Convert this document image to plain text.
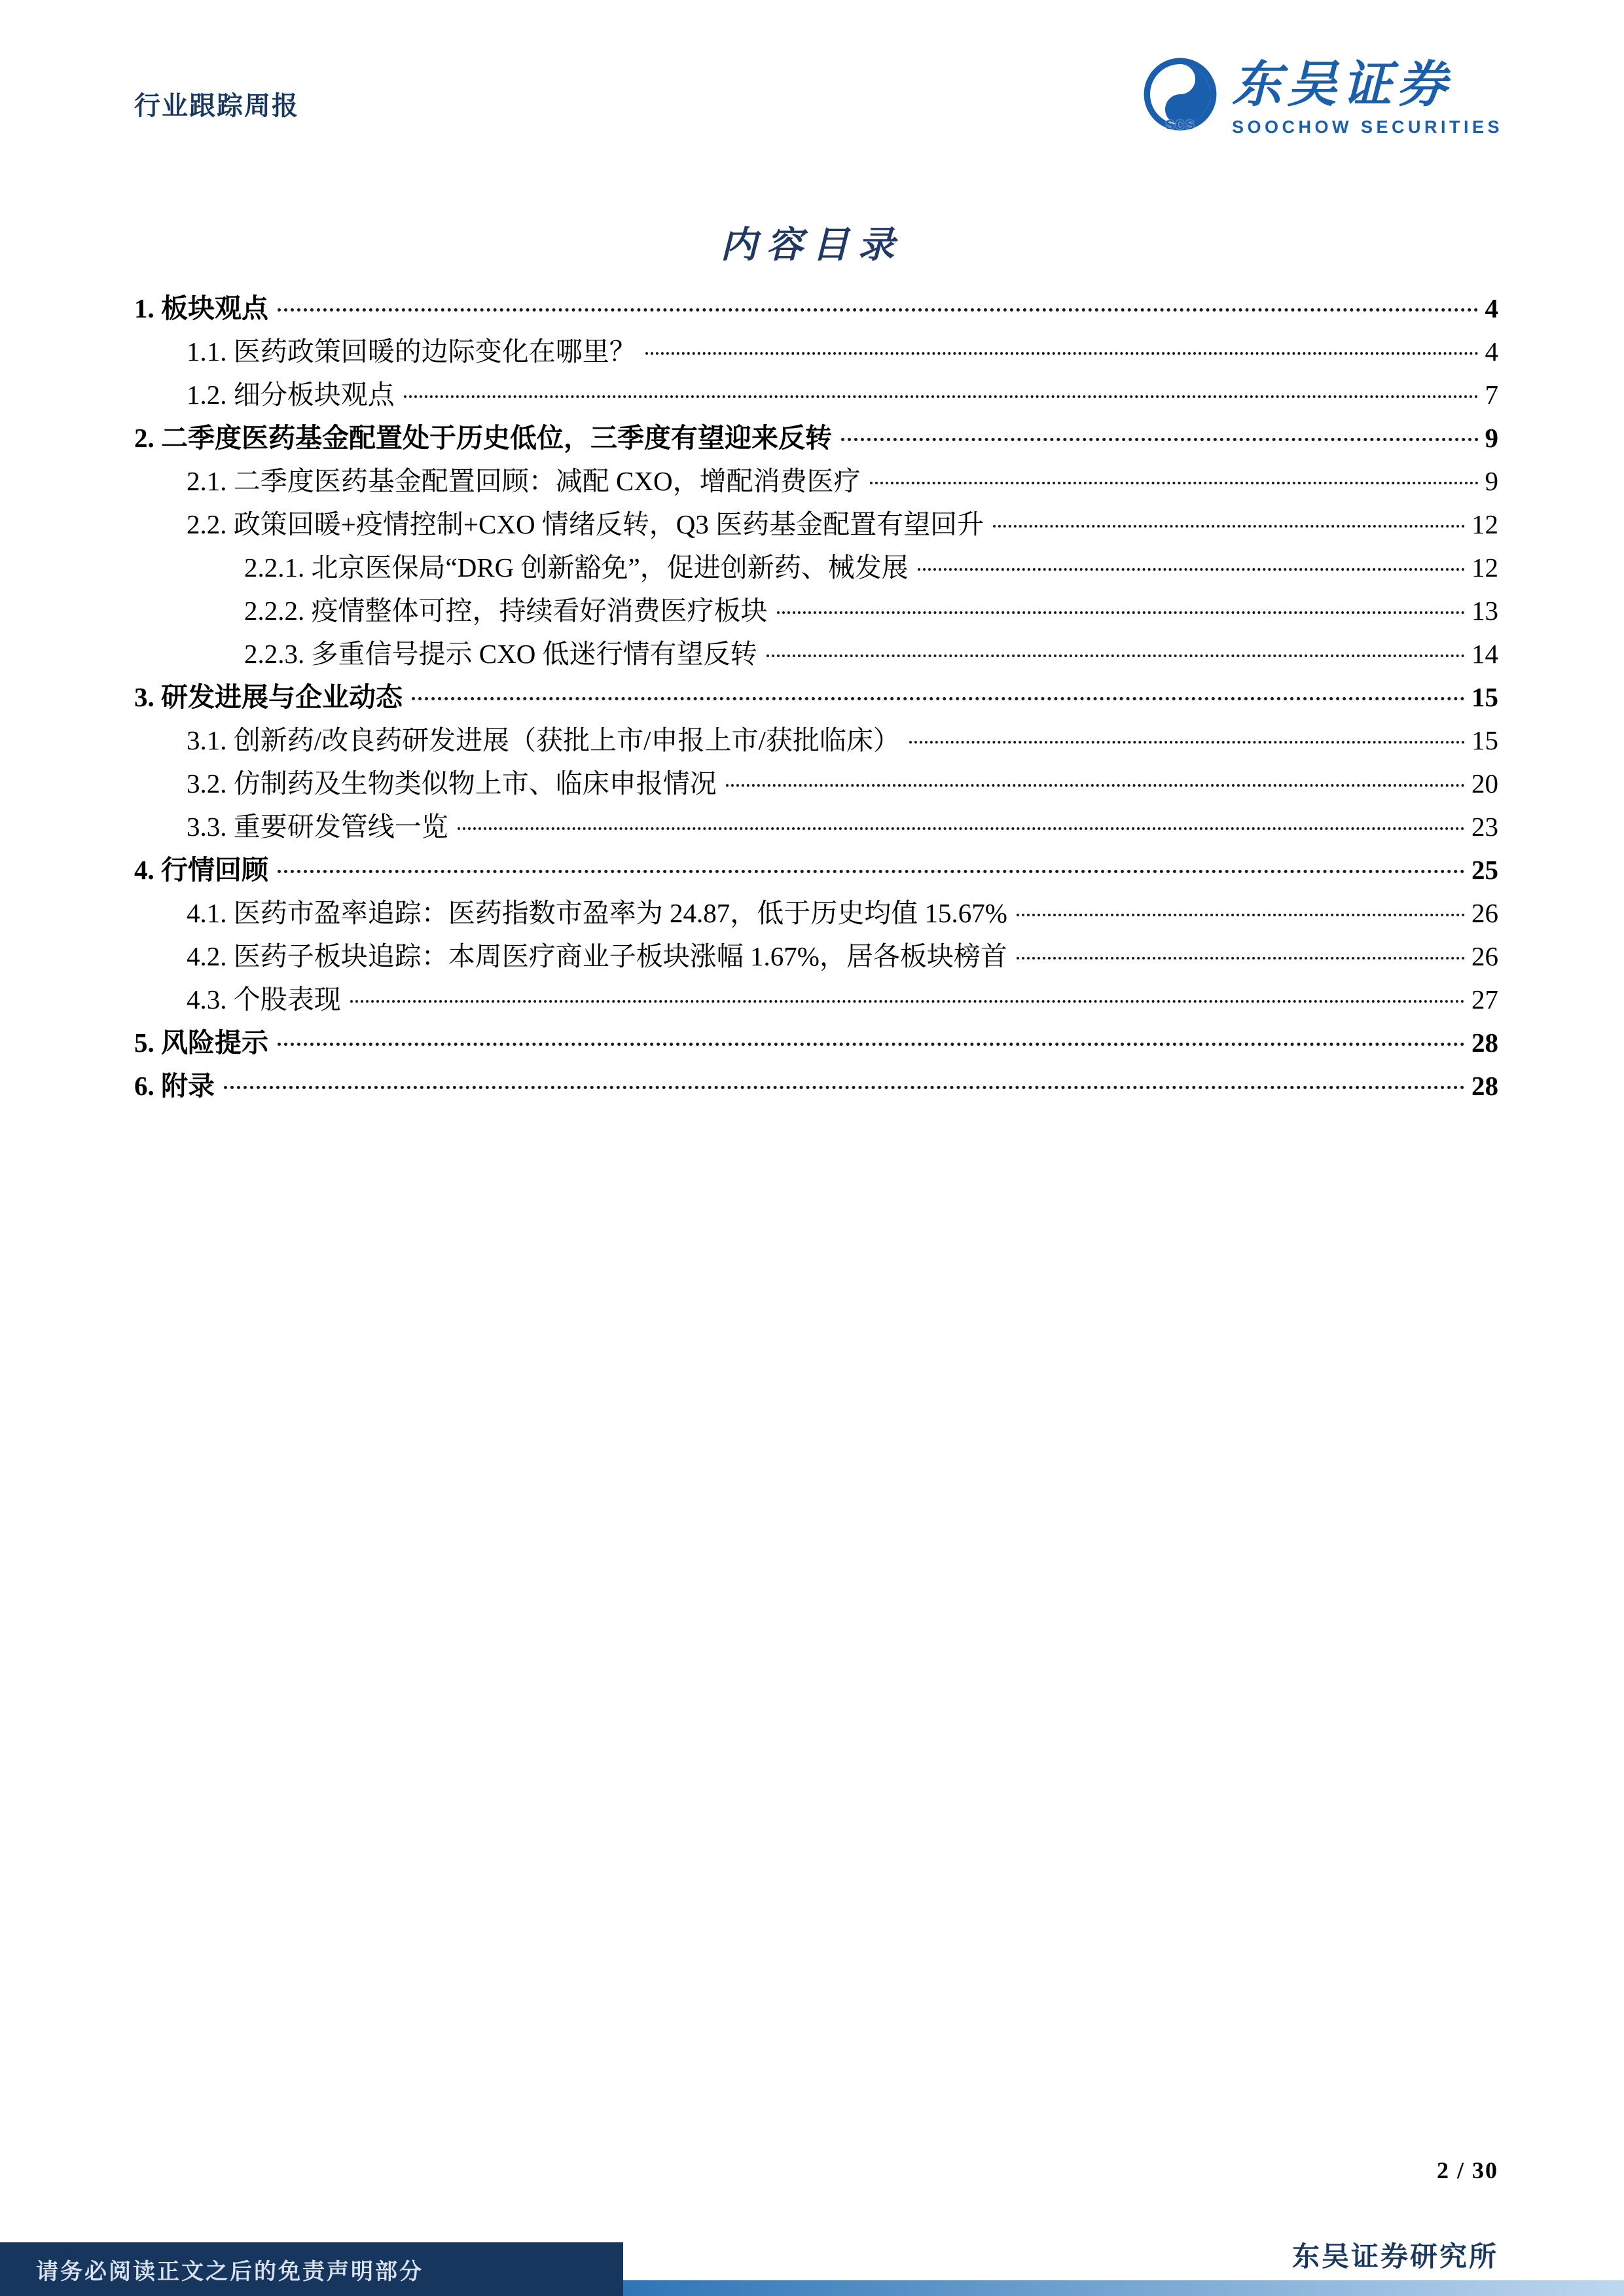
行业跟踪周报
scs
东吴证券
SOOCHOW SECURITIES
内容目录
1. 板块观点	4
1.1. 医药政策回暖的边际变化在哪里？	4
1.2. 细分板块观点	7
2. 二季度医药基金配置处于历史低位，三季度有望迎来反转	9
2.1. 二季度医药基金配置回顾：减配 CXO，增配消费医疗	9
2.2. 政策回暖+疫情控制+CXO 情绪反转，Q3 医药基金配置有望回升	12
2.2.1. 北京医保局“DRG 创新豁免”，促进创新药、械发展	12
2.2.2. 疫情整体可控，持续看好消费医疗板块	13
2.2.3. 多重信号提示 CXO 低迷行情有望反转	14
3. 研发进展与企业动态	15
3.1. 创新药/改良药研发进展（获批上市/申报上市/获批临床）	15
3.2. 仿制药及生物类似物上市、临床申报情况	20
3.3. 重要研发管线一览	23
4. 行情回顾	25
4.1. 医药市盈率追踪：医药指数市盈率为 24.87，低于历史均值 15.67%	26
4.2. 医药子板块追踪：本周医疗商业子板块涨幅 1.67%，居各板块榜首	26
4.3. 个股表现	27
5. 风险提示	28
6. 附录	28
2 / 30
东吴证券研究所
请务必阅读正文之后的免责声明部分
